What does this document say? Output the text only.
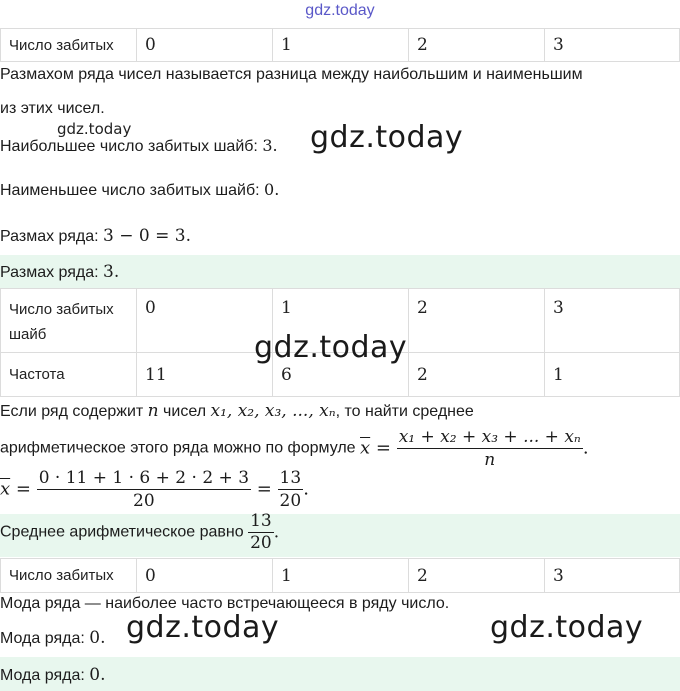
gdz.today
Число забитых	0	1	2	3
Размахом ряда чисел называется разница между наибольшим и наименьшим
из этих чисел.
Наибольшее число забитых шайб: 3.
gdz.today	gdz.today
Наименьшее число забитых шайб: 0.
Размах ряда: 3 − 0 = 3.
Размах ряда: 3.
Число забитых
шайб	0	1	2	3
Частота	11	6	2	1
gdz.today
Если ряд содержит n чисел x₁, x₂, x₃, ..., xₙ, то найти среднее
арифметическое этого ряда можно по формуле $\overline{x} = \frac{\text{x₁ + x₂ + x₃ + ... + xₙ}}{n}$ .
$\overline{x} = \frac{0 \cdot 11 + 1 \cdot 6 + 2 \cdot 2 + 3}{20} = \frac{13}{20}$ .
Среднее арифметическое равно $\frac{13}{20}$ .
Число забитых	0	1	2	3
Мода ряда — наиболее часто встречающееся в ряду число.
Мода ряда: 0. gdz.today	gdz.today
Мода ряда: 0.
